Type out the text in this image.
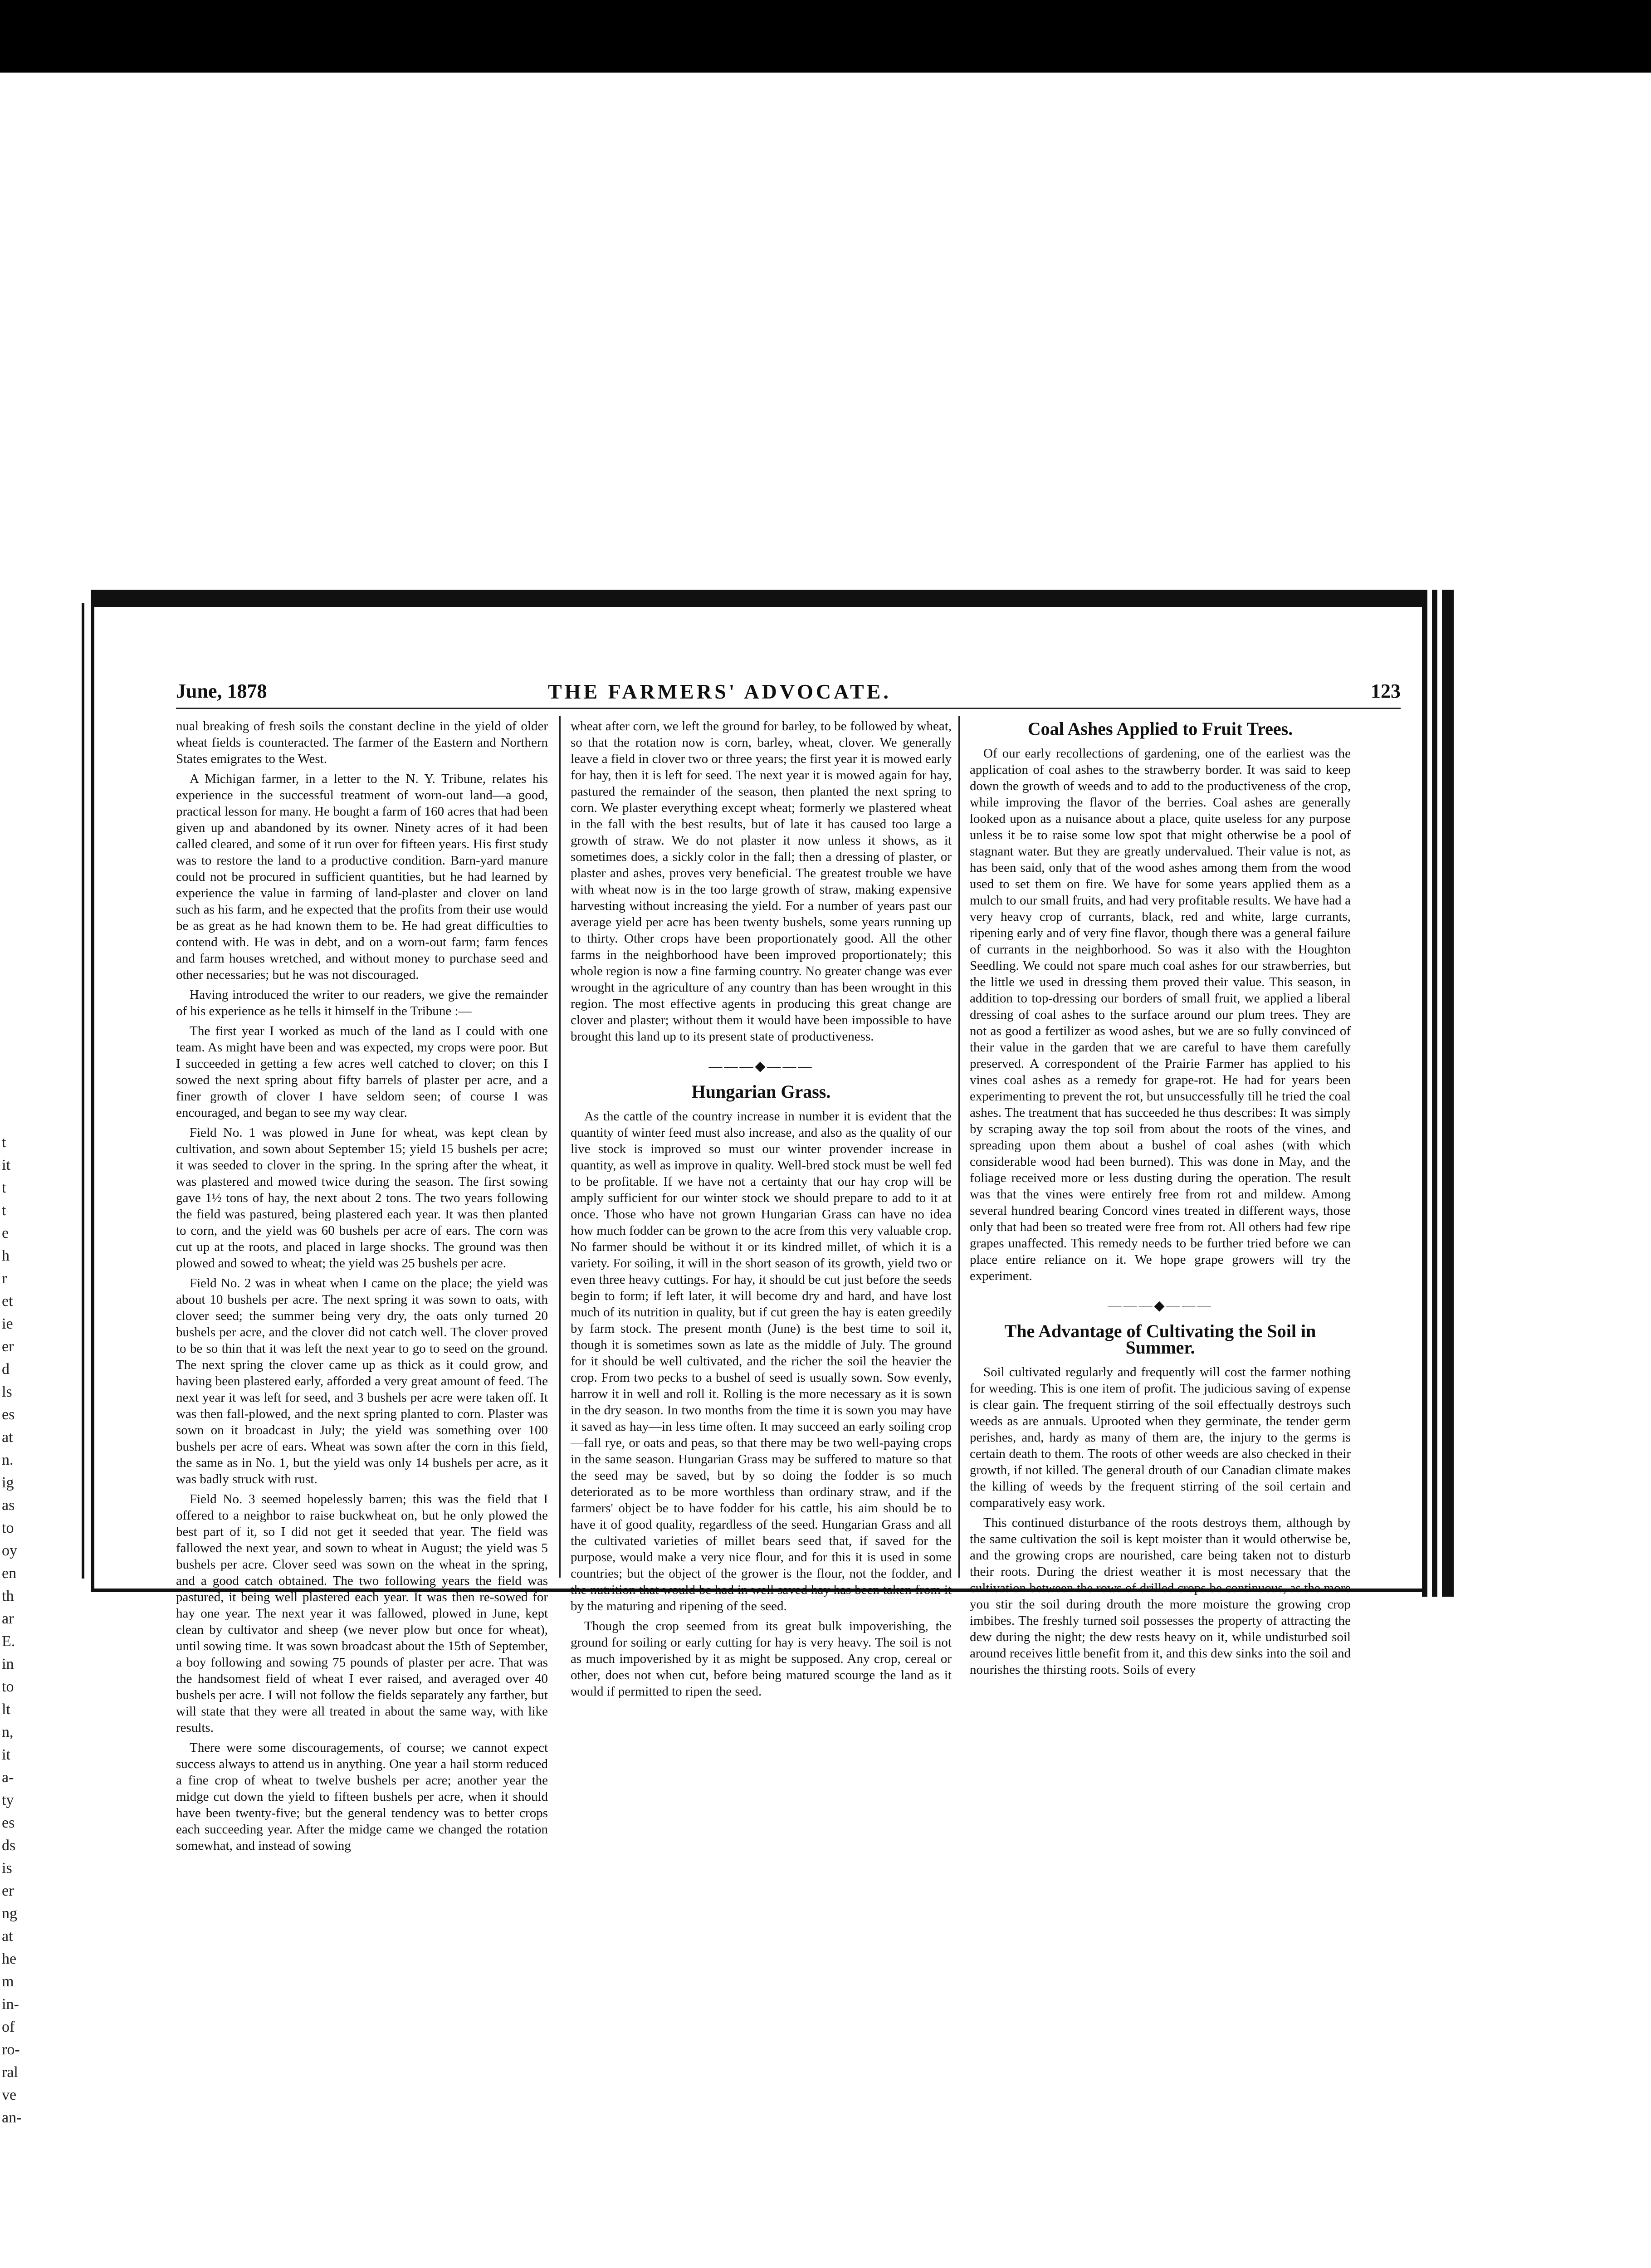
t
it
t
t
e
h
r
et
ie
er
d
ls
es
at
n.
ig
as
to
oy
en
th
ar
E.
in
to
lt
n,
it
a-
ty
es
ds
is
er
ng
at
he
m
in-
of
ro-
ral
ve
an-
June, 1878	THE FARMERS' ADVOCATE.	123

nual breaking of fresh soils the constant decline in the yield of older wheat fields is counteracted. The farmer of the Eastern and Northern States emigrates to the West.

A Michigan farmer, in a letter to the N. Y. Tribune, relates his experience in the successful treatment of worn-out land—a good, practical lesson for many. He bought a farm of 160 acres that had been given up and abandoned by its owner. Ninety acres of it had been called cleared, and some of it run over for fifteen years. His first study was to restore the land to a productive condition. Barn-yard manure could not be procured in sufficient quantities, but he had learned by experience the value in farming of land-plaster and clover on land such as his farm, and he expected that the profits from their use would be as great as he had known them to be. He had great difficulties to contend with. He was in debt, and on a worn-out farm; farm fences and farm houses wretched, and without money to purchase seed and other necessaries; but he was not discouraged.

Having introduced the writer to our readers, we give the remainder of his experience as he tells it himself in the Tribune :—

The first year I worked as much of the land as I could with one team. As might have been and was expected, my crops were poor. But I succeeded in getting a few acres well catched to clover; on this I sowed the next spring about fifty barrels of plaster per acre, and a finer growth of clover I have seldom seen; of course I was encouraged, and began to see my way clear.

Field No. 1 was plowed in June for wheat, was kept clean by cultivation, and sown about September 15; yield 15 bushels per acre; it was seeded to clover in the spring. In the spring after the wheat, it was plastered and mowed twice during the season. The first sowing gave 1½ tons of hay, the next about 2 tons. The two years following the field was pastured, being plastered each year. It was then planted to corn, and the yield was 60 bushels per acre of ears. The corn was cut up at the roots, and placed in large shocks. The ground was then plowed and sowed to wheat; the yield was 25 bushels per acre.

Field No. 2 was in wheat when I came on the place; the yield was about 10 bushels per acre. The next spring it was sown to oats, with clover seed; the summer being very dry, the oats only turned 20 bushels per acre, and the clover did not catch well. The clover proved to be so thin that it was left the next year to go to seed on the ground. The next spring the clover came up as thick as it could grow, and having been plastered early, afforded a very great amount of feed. The next year it was left for seed, and 3 bushels per acre were taken off. It was then fall-plowed, and the next spring planted to corn. Plaster was sown on it broadcast in July; the yield was something over 100 bushels per acre of ears. Wheat was sown after the corn in this field, the same as in No. 1, but the yield was only 14 bushels per acre, as it was badly struck with rust.

Field No. 3 seemed hopelessly barren; this was the field that I offered to a neighbor to raise buckwheat on, but he only plowed the best part of it, so I did not get it seeded that year. The field was fallowed the next year, and sown to wheat in August; the yield was 5 bushels per acre. Clover seed was sown on the wheat in the spring, and a good catch obtained. The two following years the field was pastured, it being well plastered each year. It was then re-sowed for hay one year. The next year it was fallowed, plowed in June, kept clean by cultivator and sheep (we never plow but once for wheat), until sowing time. It was sown broadcast about the 15th of September, a boy following and sowing 75 pounds of plaster per acre. That was the handsomest field of wheat I ever raised, and averaged over 40 bushels per acre. I will not follow the fields separately any farther, but will state that they were all treated in about the same way, with like results.

There were some discouragements, of course; we cannot expect success always to attend us in anything. One year a hail storm reduced a fine crop of wheat to twelve bushels per acre; another year the midge cut down the yield to fifteen bushels per acre, when it should have been twenty-five; but the general tendency was to better crops each succeeding year. After the midge came we changed the rotation somewhat, and instead of sowing

wheat after corn, we left the ground for barley, to be followed by wheat, so that the rotation now is corn, barley, wheat, clover. We generally leave a field in clover two or three years; the first year it is mowed early for hay, then it is left for seed. The next year it is mowed again for hay, pastured the remainder of the season, then planted the next spring to corn. We plaster everything except wheat; formerly we plastered wheat in the fall with the best results, but of late it has caused too large a growth of straw. We do not plaster it now unless it shows, as it sometimes does, a sickly color in the fall; then a dressing of plaster, or plaster and ashes, proves very beneficial. The greatest trouble we have with wheat now is in the too large growth of straw, making expensive harvesting without increasing the yield. For a number of years past our average yield per acre has been twenty bushels, some years running up to thirty. Other crops have been proportionately good. All the other farms in the neighborhood have been improved proportionately; this whole region is now a fine farming country. No greater change was ever wrought in the agriculture of any country than has been wrought in this region. The most effective agents in producing this great change are clover and plaster; without them it would have been impossible to have brought this land up to its present state of productiveness.

———◆———
Hungarian Grass.

As the cattle of the country increase in number it is evident that the quantity of winter feed must also increase, and also as the quality of our live stock is improved so must our winter provender increase in quantity, as well as improve in quality. Well-bred stock must be well fed to be profitable. If we have not a certainty that our hay crop will be amply sufficient for our winter stock we should prepare to add to it at once. Those who have not grown Hungarian Grass can have no idea how much fodder can be grown to the acre from this very valuable crop. No farmer should be without it or its kindred millet, of which it is a variety. For soiling, it will in the short season of its growth, yield two or even three heavy cuttings. For hay, it should be cut just before the seeds begin to form; if left later, it will become dry and hard, and have lost much of its nutrition in quality, but if cut green the hay is eaten greedily by farm stock. The present month (June) is the best time to soil it, though it is sometimes sown as late as the middle of July. The ground for it should be well cultivated, and the richer the soil the heavier the crop. From two pecks to a bushel of seed is usually sown. Sow evenly, harrow it in well and roll it. Rolling is the more necessary as it is sown in the dry season. In two months from the time it is sown you may have it saved as hay—in less time often. It may succeed an early soiling crop—fall rye, or oats and peas, so that there may be two well-paying crops in the same season. Hungarian Grass may be suffered to mature so that the seed may be saved, but by so doing the fodder is so much deteriorated as to be more worthless than ordinary straw, and if the farmers' object be to have fodder for his cattle, his aim should be to have it of good quality, regardless of the seed. Hungarian Grass and all the cultivated varieties of millet bears seed that, if saved for the purpose, would make a very nice flour, and for this it is used in some countries; but the object of the grower is the flour, not the fodder, and the nutrition that would be had in well saved hay has been taken from it by the maturing and ripening of the seed.

Though the crop seemed from its great bulk impoverishing, the ground for soiling or early cutting for hay is very heavy. The soil is not as much impoverished by it as might be supposed. Any crop, cereal or other, does not when cut, before being matured scourge the land as it would if permitted to ripen the seed.

Coal Ashes Applied to Fruit Trees.

Of our early recollections of gardening, one of the earliest was the application of coal ashes to the strawberry border. It was said to keep down the growth of weeds and to add to the productiveness of the crop, while improving the flavor of the berries. Coal ashes are generally looked upon as a nuisance about a place, quite useless for any purpose unless it be to raise some low spot that might otherwise be a pool of stagnant water. But they are greatly undervalued. Their value is not, as has been said, only that of the wood ashes among them from the wood used to set them on fire. We have for some years applied them as a mulch to our small fruits, and had very profitable results. We have had a very heavy crop of currants, black, red and white, large currants, ripening early and of very fine flavor, though there was a general failure of currants in the neighborhood. So was it also with the Houghton Seedling. We could not spare much coal ashes for our strawberries, but the little we used in dressing them proved their value. This season, in addition to top-dressing our borders of small fruit, we applied a liberal dressing of coal ashes to the surface around our plum trees. They are not as good a fertilizer as wood ashes, but we are so fully convinced of their value in the garden that we are careful to have them carefully preserved. A correspondent of the Prairie Farmer has applied to his vines coal ashes as a remedy for grape-rot. He had for years been experimenting to prevent the rot, but unsuccessfully till he tried the coal ashes. The treatment that has succeeded he thus describes: It was simply by scraping away the top soil from about the roots of the vines, and spreading upon them about a bushel of coal ashes (with which considerable wood had been burned). This was done in May, and the foliage received more or less dusting during the operation. The result was that the vines were entirely free from rot and mildew. Among several hundred bearing Concord vines treated in different ways, those only that had been so treated were free from rot. All others had few ripe grapes unaffected. This remedy needs to be further tried before we can place entire reliance on it. We hope grape growers will try the experiment.

———◆———
The Advantage of Cultivating the Soil in Summer.

Soil cultivated regularly and frequently will cost the farmer nothing for weeding. This is one item of profit. The judicious saving of expense is clear gain. The frequent stirring of the soil effectually destroys such weeds as are annuals. Uprooted when they germinate, the tender germ perishes, and, hardy as many of them are, the injury to the germs is certain death to them. The roots of other weeds are also checked in their growth, if not killed. The general drouth of our Canadian climate makes the killing of weeds by the frequent stirring of the soil certain and comparatively easy work.

This continued disturbance of the roots destroys them, although by the same cultivation the soil is kept moister than it would otherwise be, and the growing crops are nourished, care being taken not to disturb their roots. During the driest weather it is most necessary that the cultivation between the rows of drilled crops be continuous, as the more you stir the soil during drouth the more moisture the growing crop imbibes. The freshly turned soil possesses the property of attracting the dew during the night; the dew rests heavy on it, while undisturbed soil around receives little benefit from it, and this dew sinks into the soil and nourishes the thirsting roots. Soils of every
